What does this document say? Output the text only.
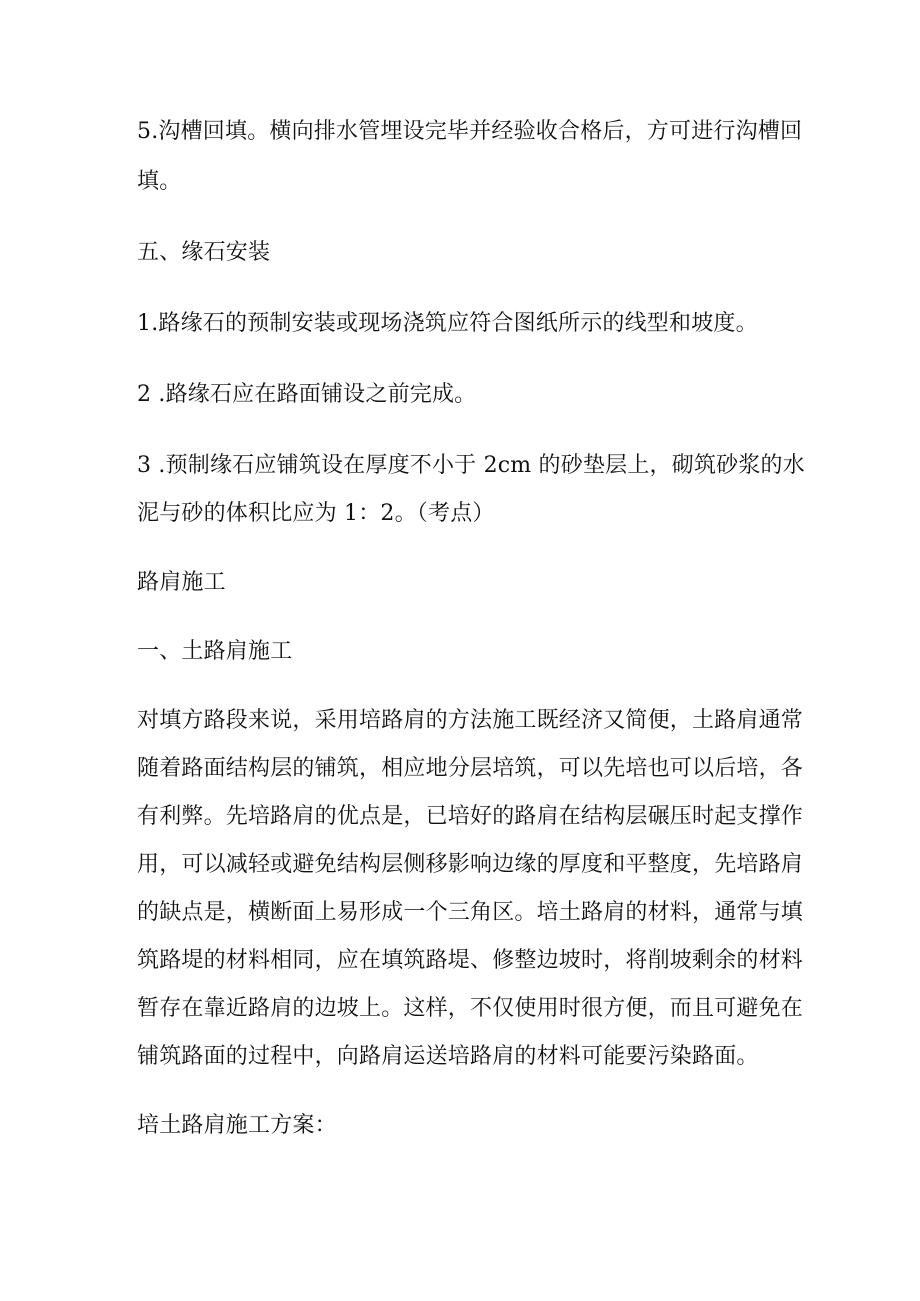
5.沟槽回填。横向排水管埋设完毕并经验收合格后，方可进行沟槽回
填。
五、缘石安装
1.路缘石的预制安装或现场浇筑应符合图纸所示的线型和坡度。
2 .路缘石应在路面铺设之前完成。
3 .预制缘石应铺筑设在厚度不小于 2cm 的砂垫层上，砌筑砂浆的水
泥与砂的体积比应为 1：2。（考点）
路肩施工
一、土路肩施工
对填方路段来说，采用培路肩的方法施工既经济又简便，土路肩通常
随着路面结构层的铺筑，相应地分层培筑，可以先培也可以后培，各
有利弊。先培路肩的优点是，已培好的路肩在结构层碾压时起支撑作
用，可以减轻或避免结构层侧移影响边缘的厚度和平整度，先培路肩
的缺点是，横断面上易形成一个三角区。培土路肩的材料，通常与填
筑路堤的材料相同，应在填筑路堤、修整边坡时，将削坡剩余的材料
暂存在靠近路肩的边坡上。这样，不仅使用时很方便，而且可避免在
铺筑路面的过程中，向路肩运送培路肩的材料可能要污染路面。
培土路肩施工方案：
